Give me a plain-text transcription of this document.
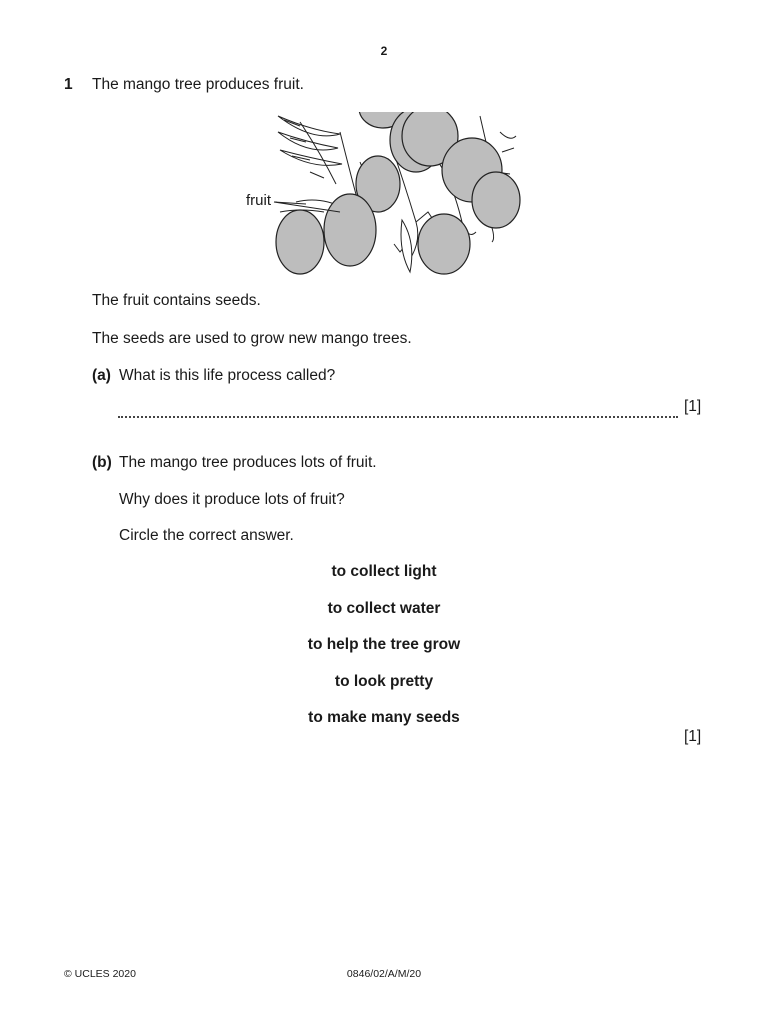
2
1 The mango tree produces fruit.
fruit
The fruit contains seeds.
The seeds are used to grow new mango trees.
(a) What is this life process called?
[1]
(b) The mango tree produces lots of fruit.
Why does it produce lots of fruit?
Circle the correct answer.
to collect light
to collect water
to help the tree grow
to look pretty
to make many seeds
[1]
© UCLES 2020	0846/02/A/M/20
